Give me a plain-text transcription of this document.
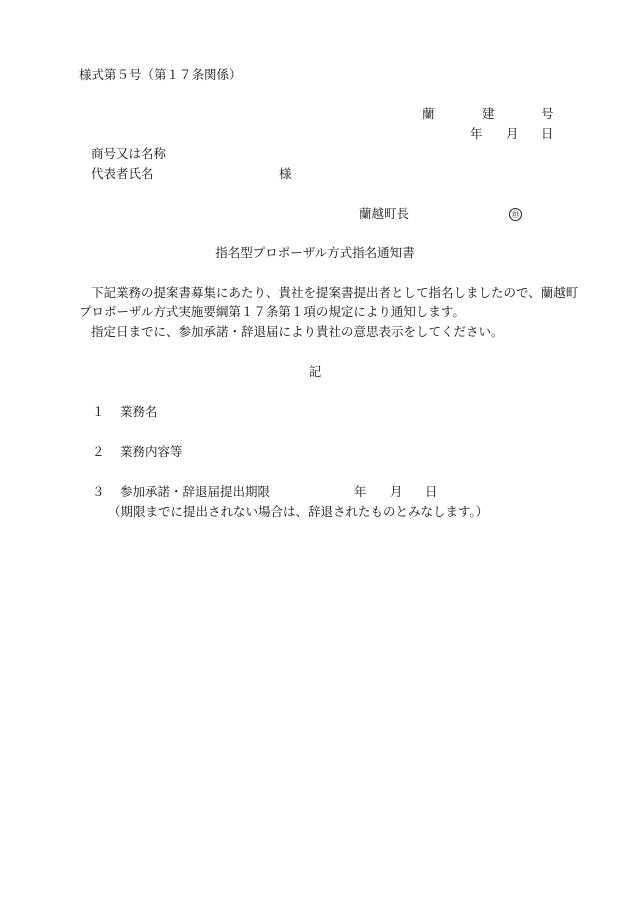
様式第５号（第１７条関係）
蘭	建	号
年 月 日
商号又は名称
代表者氏名	様
蘭越町長	㊞
指名型プロポーザル方式指名通知書
下記業務の提案書募集にあたり、貴社を提案書提出者として指名しましたので、蘭越町
プロポーザル方式実施要綱第１７条第１項の規定により通知します。
指定日までに、参加承諾・辞退届により貴社の意思表示をしてください。
記
１ 業務名
２ 業務内容等
３ 参加承諾・辞退届提出期限	年 月 日
（期限までに提出されない場合は、辞退されたものとみなします。）
